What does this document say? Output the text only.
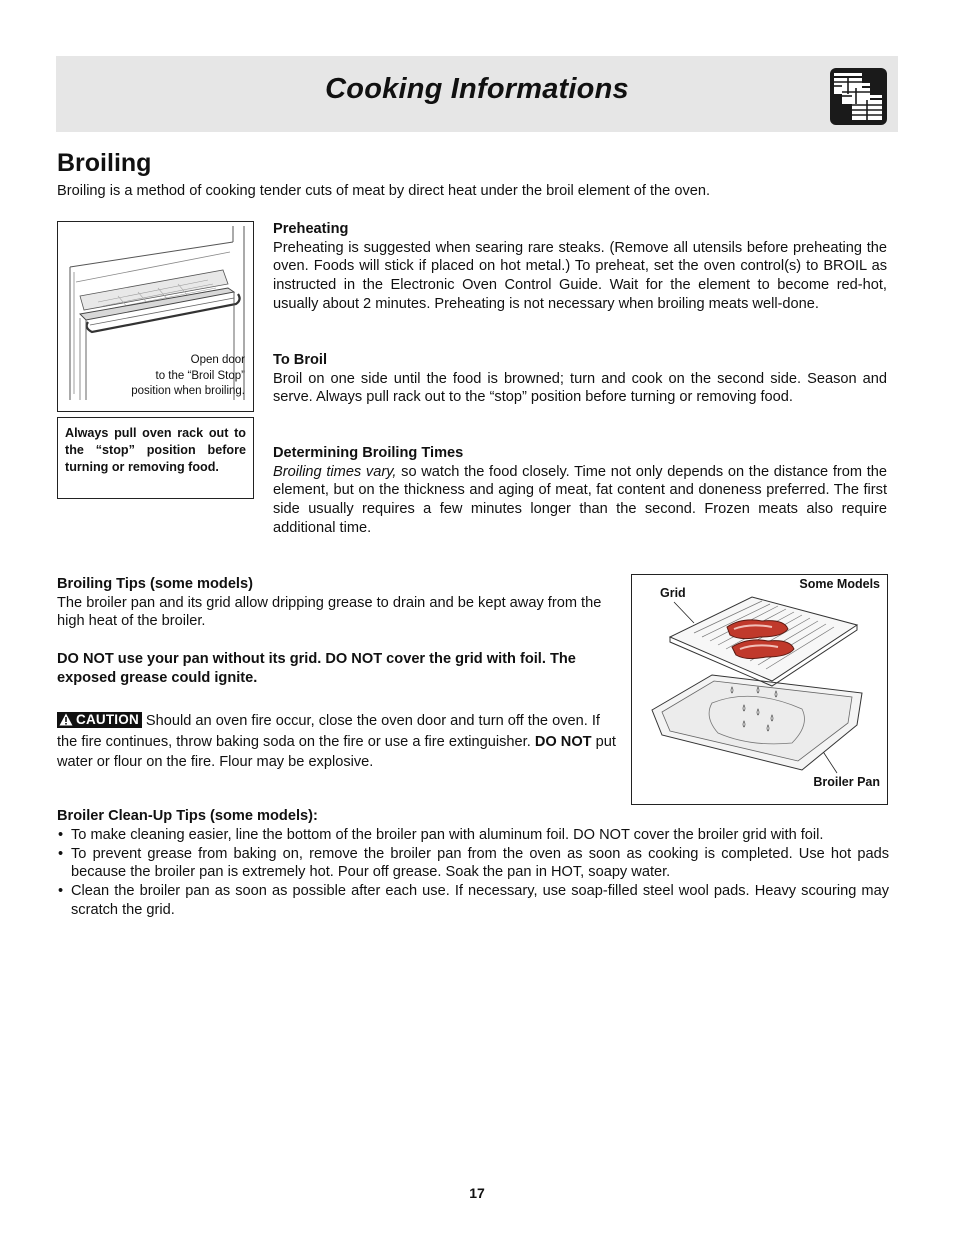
Cooking Informations
Broiling

Broiling is a method of cooking tender cuts of meat by direct heat under the broil element of the oven.

Open door
to the “Broil Stop”
position when broiling.
Always pull oven rack out to the “stop” position before turning or removing food.
Preheating
Preheating is suggested when searing rare steaks. (Remove all utensils before preheating the oven. Foods will stick if placed on hot metal.) To preheat, set the oven control(s) to BROIL as instructed in the Electronic Oven Control Guide. Wait for the element to become red-hot, usually about 2 minutes. Preheating is not necessary when broiling meats well-done.
To Broil
Broil on one side until the food is browned; turn and cook on the second side. Season and serve. Always pull rack out to the “stop” position before turning or removing food.
Determining Broiling Times
Broiling times vary, so watch the food closely. Time not only depends on the distance from the element, but on the thickness and aging of meat, fat content and doneness preferred. The first side usually requires a few minutes longer than the second. Frozen meats also require additional time.
Broiling Tips (some models)
The broiler pan and its grid allow dripping grease to drain and be kept away from the high heat of the broiler.
DO NOT use your pan without its grid. DO NOT cover the grid with foil. The exposed grease could ignite.
CAUTION Should an oven fire occur, close the oven door and turn off the oven. If the fire continues, throw baking soda on the fire or use a fire extinguisher. DO NOT put water or flour on the fire. Flour may be explosive.
Grid
Some Models
Broiler Pan
Broiler Clean-Up Tips (some models):
• To make cleaning easier, line the bottom of the broiler pan with aluminum foil. DO NOT cover the broiler grid with foil.
• To prevent grease from baking on, remove the broiler pan from the oven as soon as cooking is completed. Use hot pads because the broiler pan is extremely hot. Pour off grease. Soak the pan in HOT, soapy water.
• Clean the broiler pan as soon as possible after each use. If necessary, use soap-filled steel wool pads. Heavy scouring may scratch the grid.
17
